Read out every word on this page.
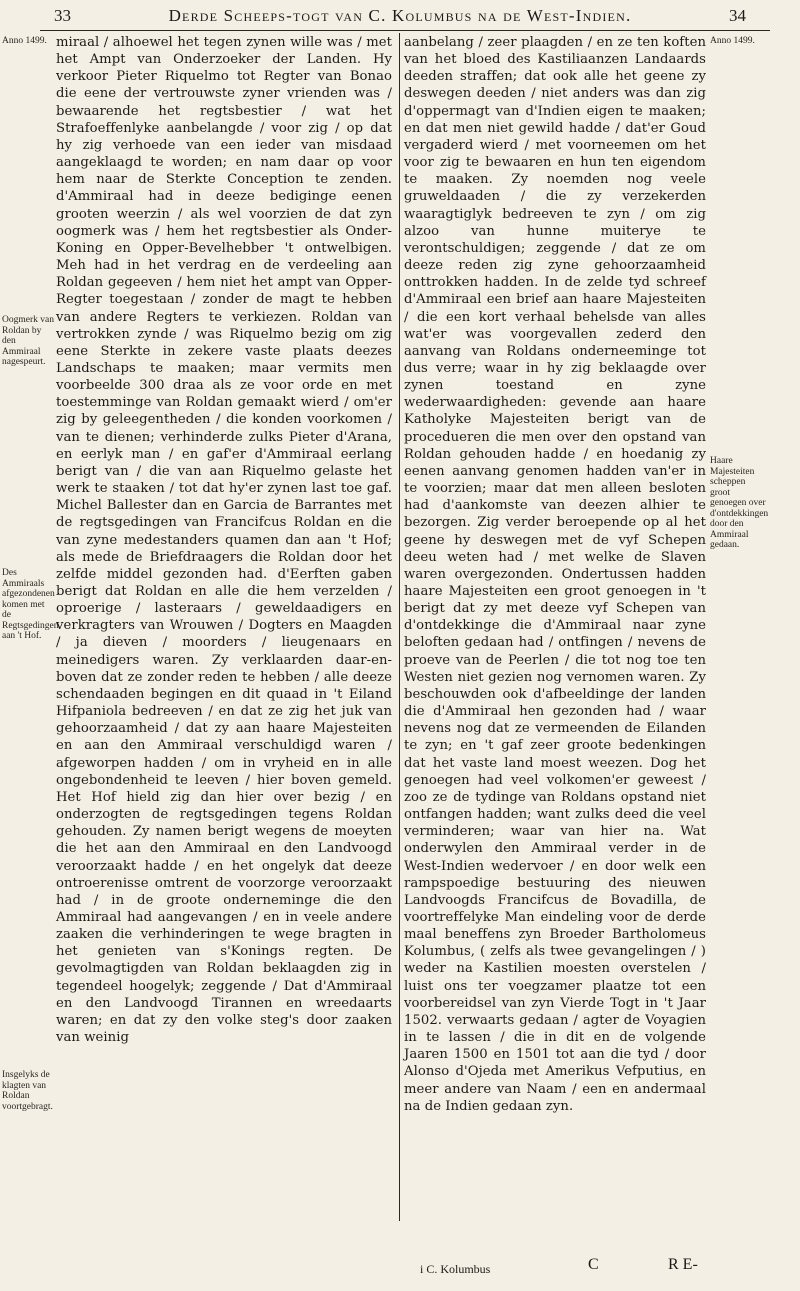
33	Derde Scheeps-togt van C. Kolumbus na de West-Indien.	34
Anno 1499.
Oogmerk van Roldan by den Ammiraal nagespeurt.
Des Ammiraals afgezondenen komen met de Regtsgedingen aan 't Hof.
Insgelyks de klagten van Roldan voortgebragt.
Anno 1499.
Haare Majesteiten scheppen groot genoegen over d'ontdekkingen door den Ammiraal gedaan.

miraal / alhoewel het tegen zynen wille was / met het Ampt van Onderzoeker der Landen. Hy verkoor Pieter Riquelmo tot Regter van Bonao die eene der vertrouwste zyner vrienden was / bewaarende het regtsbestier / wat het Strafoeffenlyke aanbelangde / voor zig / op dat hy zig verhoede van een ieder van misdaad aangeklaagd te worden; en nam daar op voor hem naar de Sterkte Conception te zenden. d'Ammiraal had in deeze bediginge eenen grooten weerzin / als wel voorzien de dat zyn oogmerk was / hem het regtsbestier als Onder-Koning en Opper-Bevelhebber 't ontwelbigen. Meh had in het verdrag en de verdeeling aan Roldan gegeeven / hem niet het ampt van Opper-Regter toegestaan / zonder de magt te hebben van andere Regters te verkiezen. Roldan van vertrokken zynde / was Riquelmo bezig om zig eene Sterkte in zekere vaste plaats deezes Landschaps te maaken; maar vermits men voorbeelde 300 draa als ze voor orde en met toestemminge van Roldan gemaakt wierd / om'er zig by geleegentheden / die konden voorkomen / van te dienen; verhinderde zulks Pieter d'Arana, en eerlyk man / en gaf'er d'Ammiraal eerlang berigt van / die van aan Riquelmo gelaste het werk te staaken / tot dat hy'er zynen last toe gaf. Michel Ballester dan en Garcia de Barrantes met de regtsgedingen van Francifcus Roldan en die van zyne medestanders quamen dan aan 't Hof; als mede de Briefdraagers die Roldan door het zelfde middel gezonden had. d'Eerften gaben berigt dat Roldan en alle die hem verzelden / oproerige / lasteraars / geweldaadigers en verkragters van Wrouwen / Dogters en Maagden / ja dieven / moorders / lieugenaars en meinedigers waren. Zy verklaarden daar-en-boven dat ze zonder reden te hebben / alle deeze schendaaden begingen en dit quaad in 't Eiland Hifpaniola bedreeven / en dat ze zig het juk van gehoorzaamheid / dat zy aan haare Majesteiten en aan den Ammiraal verschuldigd waren / afgeworpen hadden / om in vryheid en in alle ongebondenheid te leeven / hier boven gemeld. Het Hof hield zig dan hier over bezig / en onderzogten de regtsgedingen tegens Roldan gehouden. Zy namen berigt wegens de moeyten die het aan den Ammiraal en den Landvoogd veroorzaakt hadde / en het ongelyk dat deeze ontroerenisse omtrent de voorzorge veroorzaakt had / in de groote onderneminge die den Ammiraal had aangevangen / en in veele andere zaaken die verhinderingen te wege bragten in het genieten van s'Konings regten. De gevolmagtigden van Roldan beklaagden zig in tegendeel hoogelyk; zeggende / Dat d'Ammiraal en den Landvoogd Tirannen en wreedaarts waren; en dat zy den volke steg's door zaaken van weinig

aanbelang / zeer plaagden / en ze ten koften van het bloed des Kastiliaanzen Landaards deeden straffen; dat ook alle het geene zy deswegen deeden / niet anders was dan zig d'oppermagt van d'Indien eigen te maaken; en dat men niet gewild hadde / dat'er Goud vergaderd wierd / met voorneemen om het voor zig te bewaaren en hun ten eigendom te maaken. Zy noemden nog veele gruweldaaden / die zy verzekerden waaragtiglyk bedreeven te zyn / om zig alzoo van hunne muiterye te verontschuldigen; zeggende / dat ze om deeze reden zig zyne gehoorzaamheid onttrokken hadden. In de zelde tyd schreef d'Ammiraal een brief aan haare Majesteiten / die een kort verhaal behelsde van alles wat'er was voorgevallen zederd den aanvang van Roldans onderneeminge tot dus verre; waar in hy zig beklaagde over zynen toestand en zyne wederwaardigheden: gevende aan haare Katholyke Majesteiten berigt van de procedueren die men over den opstand van Roldan gehouden hadde / en hoedanig zy eenen aanvang genomen hadden van'er in te voorzien; maar dat men alleen besloten had d'aankomste van deezen alhier te bezorgen. Zig verder beroepende op al het geene hy deswegen met de vyf Schepen deeu weten had / met welke de Slaven waren overgezonden. Ondertussen hadden haare Majesteiten een groot genoegen in 't berigt dat zy met deeze vyf Schepen van d'ontdekkinge die d'Ammiraal naar zyne beloften gedaan had / ontfingen / nevens de proeve van de Peerlen / die tot nog toe ten Westen niet gezien nog vernomen waren. Zy beschouwden ook d'afbeeldinge der landen die d'Ammiraal hen gezonden had / waar nevens nog dat ze vermeenden de Eilanden te zyn; en 't gaf zeer groote bedenkingen dat het vaste land moest weezen. Dog het genoegen had veel volkomen'er geweest / zoo ze de tydinge van Roldans opstand niet ontfangen hadden; want zulks deed die veel verminderen; waar van hier na. Wat onderwylen den Ammiraal verder in de West-Indien wedervoer / en door welk een rampspoedige bestuuring des nieuwen Landvoogds Francifcus de Bovadilla, de voortreffelyke Man eindeling voor de derde maal beneffens zyn Broeder Bartholomeus Kolumbus, ( zelfs als twee gevangelingen / ) weder na Kastilien moesten overstelen / luist ons ter voegzamer plaatze tot een voorbereidsel van zyn Vierde Togt in 't Jaar 1502. verwaarts gedaan / agter de Voyagien in te lassen / die in dit en de volgende Jaaren 1500 en 1501 tot aan die tyd / door Alonso d'Ojeda met Amerikus Vefputius, en meer andere van Naam / een en andermaal na de Indien gedaan zyn.

i C. Kolumbus	C	R E-
